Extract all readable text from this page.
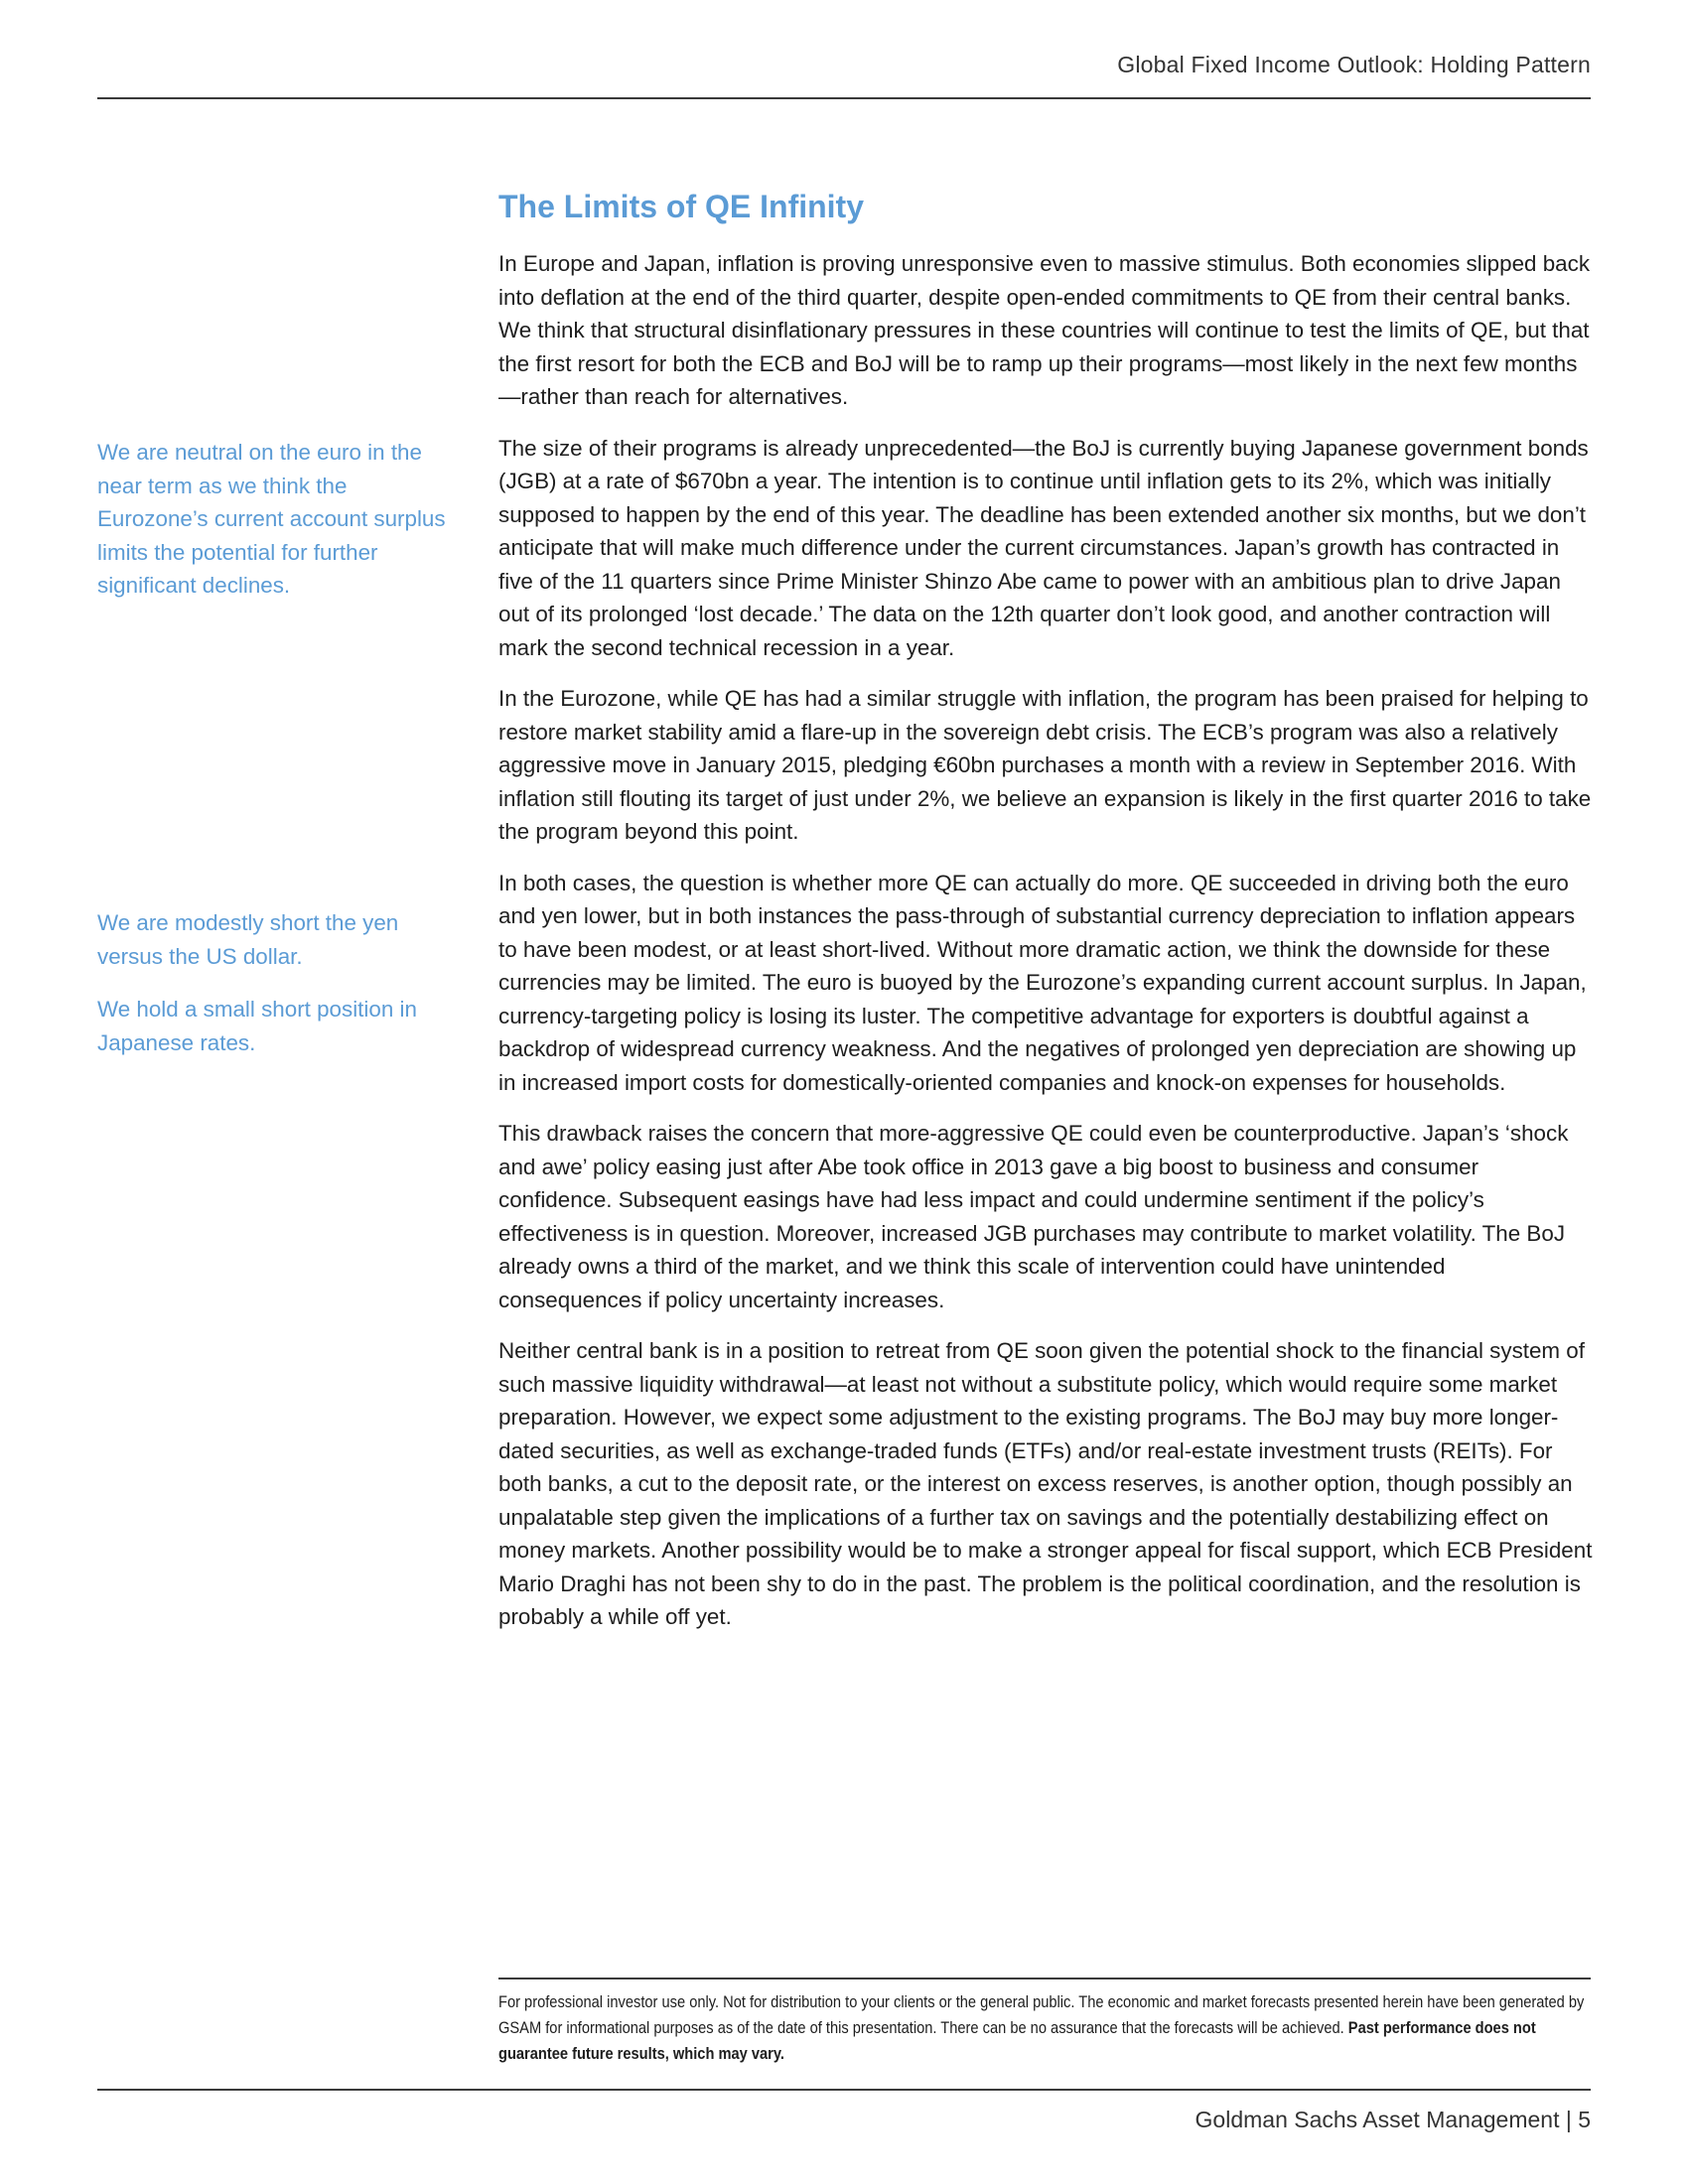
Global Fixed Income Outlook: Holding Pattern
The Limits of QE Infinity

In Europe and Japan, inflation is proving unresponsive even to massive stimulus. Both economies slipped back into deflation at the end of the third quarter, despite open-ended commitments to QE from their central banks. We think that structural disinflationary pressures in these countries will continue to test the limits of QE, but that the first resort for both the ECB and BoJ will be to ramp up their programs—most likely in the next few months—rather than reach for alternatives.

The size of their programs is already unprecedented—the BoJ is currently buying Japanese government bonds (JGB) at a rate of $670bn a year. The intention is to continue until inflation gets to its 2%, which was initially supposed to happen by the end of this year. The deadline has been extended another six months, but we don’t anticipate that will make much difference under the current circumstances. Japan’s growth has contracted in five of the 11 quarters since Prime Minister Shinzo Abe came to power with an ambitious plan to drive Japan out of its prolonged ‘lost decade.’ The data on the 12th quarter don’t look good, and another contraction will mark the second technical recession in a year.

In the Eurozone, while QE has had a similar struggle with inflation, the program has been praised for helping to restore market stability amid a flare-up in the sovereign debt crisis. The ECB’s program was also a relatively aggressive move in January 2015, pledging €60bn purchases a month with a review in September 2016. With inflation still flouting its target of just under 2%, we believe an expansion is likely in the first quarter 2016 to take the program beyond this point.

In both cases, the question is whether more QE can actually do more. QE succeeded in driving both the euro and yen lower, but in both instances the pass-through of substantial currency depreciation to inflation appears to have been modest, or at least short-lived. Without more dramatic action, we think the downside for these currencies may be limited. The euro is buoyed by the Eurozone’s expanding current account surplus. In Japan, currency-targeting policy is losing its luster. The competitive advantage for exporters is doubtful against a backdrop of widespread currency weakness. And the negatives of prolonged yen depreciation are showing up in increased import costs for domestically-oriented companies and knock-on expenses for households.

This drawback raises the concern that more-aggressive QE could even be counterproductive. Japan’s ‘shock and awe’ policy easing just after Abe took office in 2013 gave a big boost to business and consumer confidence. Subsequent easings have had less impact and could undermine sentiment if the policy’s effectiveness is in question. Moreover, increased JGB purchases may contribute to market volatility. The BoJ already owns a third of the market, and we think this scale of intervention could have unintended consequences if policy uncertainty increases.

Neither central bank is in a position to retreat from QE soon given the potential shock to the financial system of such massive liquidity withdrawal—at least not without a substitute policy, which would require some market preparation. However, we expect some adjustment to the existing programs. The BoJ may buy more longer-dated securities, as well as exchange-traded funds (ETFs) and/or real-estate investment trusts (REITs). For both banks, a cut to the deposit rate, or the interest on excess reserves, is another option, though possibly an unpalatable step given the implications of a further tax on savings and the potentially destabilizing effect on money markets. Another possibility would be to make a stronger appeal for fiscal support, which ECB President Mario Draghi has not been shy to do in the past. The problem is the political coordination, and the resolution is probably a while off yet.

We are neutral on the euro in the near term as we think the Eurozone’s current account surplus limits the potential for further significant declines.

We are modestly short the yen versus the US dollar.

We hold a small short position in Japanese rates.

For professional investor use only. Not for distribution to your clients or the general public. The economic and market forecasts presented herein have been generated by GSAM for informational purposes as of the date of this presentation. There can be no assurance that the forecasts will be achieved. Past performance does not guarantee future results, which may vary.
Goldman Sachs Asset Management | 5
